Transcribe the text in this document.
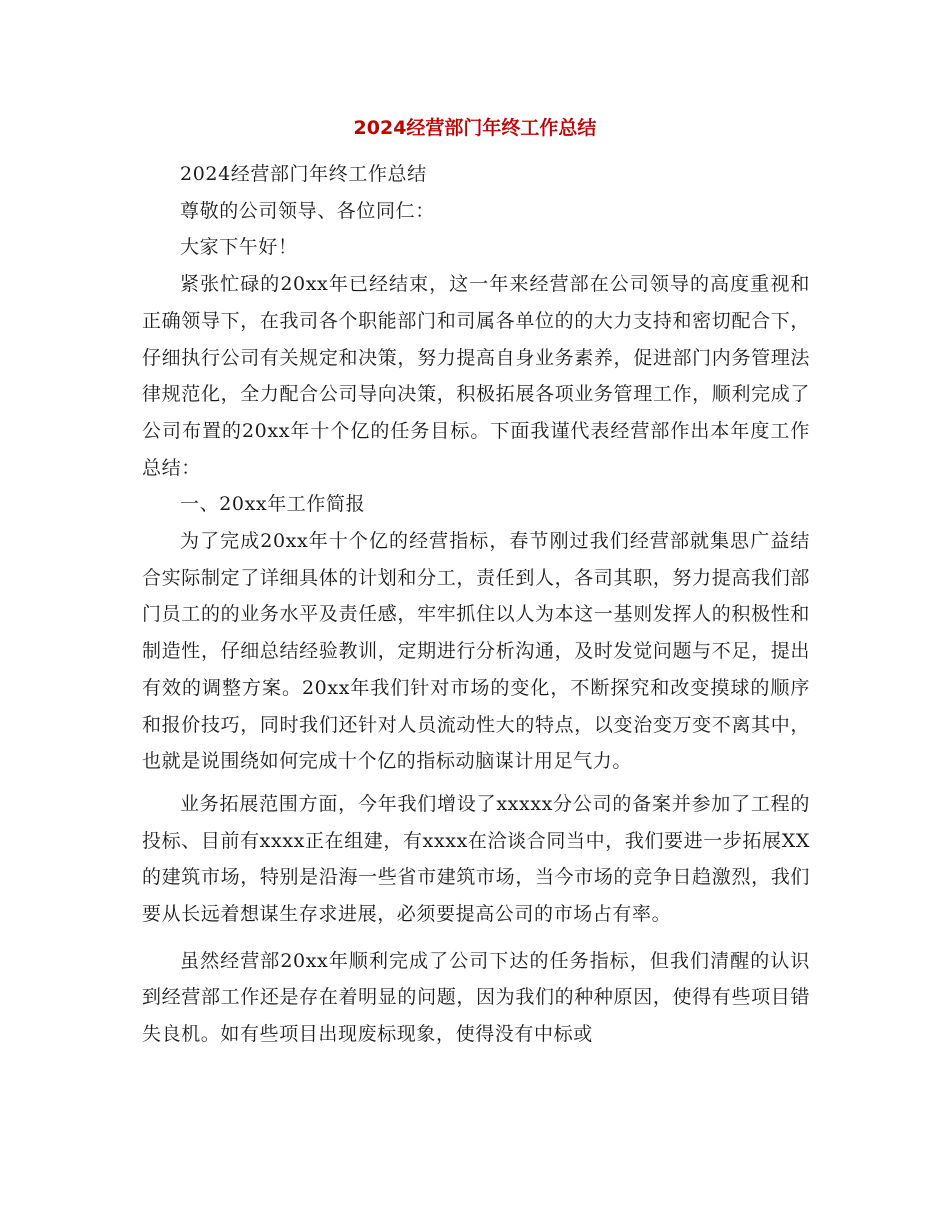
2024经营部门年终工作总结

2024经营部门年终工作总结

尊敬的公司领导、各位同仁：

大家下午好！

紧张忙碌的20xx年已经结束，这一年来经营部在公司领导的高度重视和正确领导下，在我司各个职能部门和司属各单位的的大力支持和密切配合下，仔细执行公司有关规定和决策，努力提高自身业务素养，促进部门内务管理法律规范化，全力配合公司导向决策，积极拓展各项业务管理工作，顺利完成了公司布置的20xx年十个亿的任务目标。下面我谨代表经营部作出本年度工作总结：

一、20xx年工作简报

为了完成20xx年十个亿的经营指标，春节刚过我们经营部就集思广益结合实际制定了详细具体的计划和分工，责任到人，各司其职，努力提高我们部门员工的的业务水平及责任感，牢牢抓住以人为本这一基则发挥人的积极性和制造性，仔细总结经验教训，定期进行分析沟通，及时发觉问题与不足，提出有效的调整方案。20xx年我们针对市场的变化，不断探究和改变摸球的顺序和报价技巧，同时我们还针对人员流动性大的特点，以变治变万变不离其中，也就是说围绕如何完成十个亿的指标动脑谋计用足气力。

业务拓展范围方面，今年我们增设了xxxxx分公司的备案并参加了工程的投标、目前有xxxx正在组建，有xxxx在洽谈合同当中，我们要进一步拓展XX的建筑市场，特别是沿海一些省市建筑市场，当今市场的竞争日趋激烈，我们要从长远着想谋生存求进展，必须要提高公司的市场占有率。

虽然经营部20xx年顺利完成了公司下达的任务指标，但我们清醒的认识到经营部工作还是存在着明显的问题，因为我们的种种原因，使得有些项目错失良机。如有些项目出现废标现象，使得没有中标或
